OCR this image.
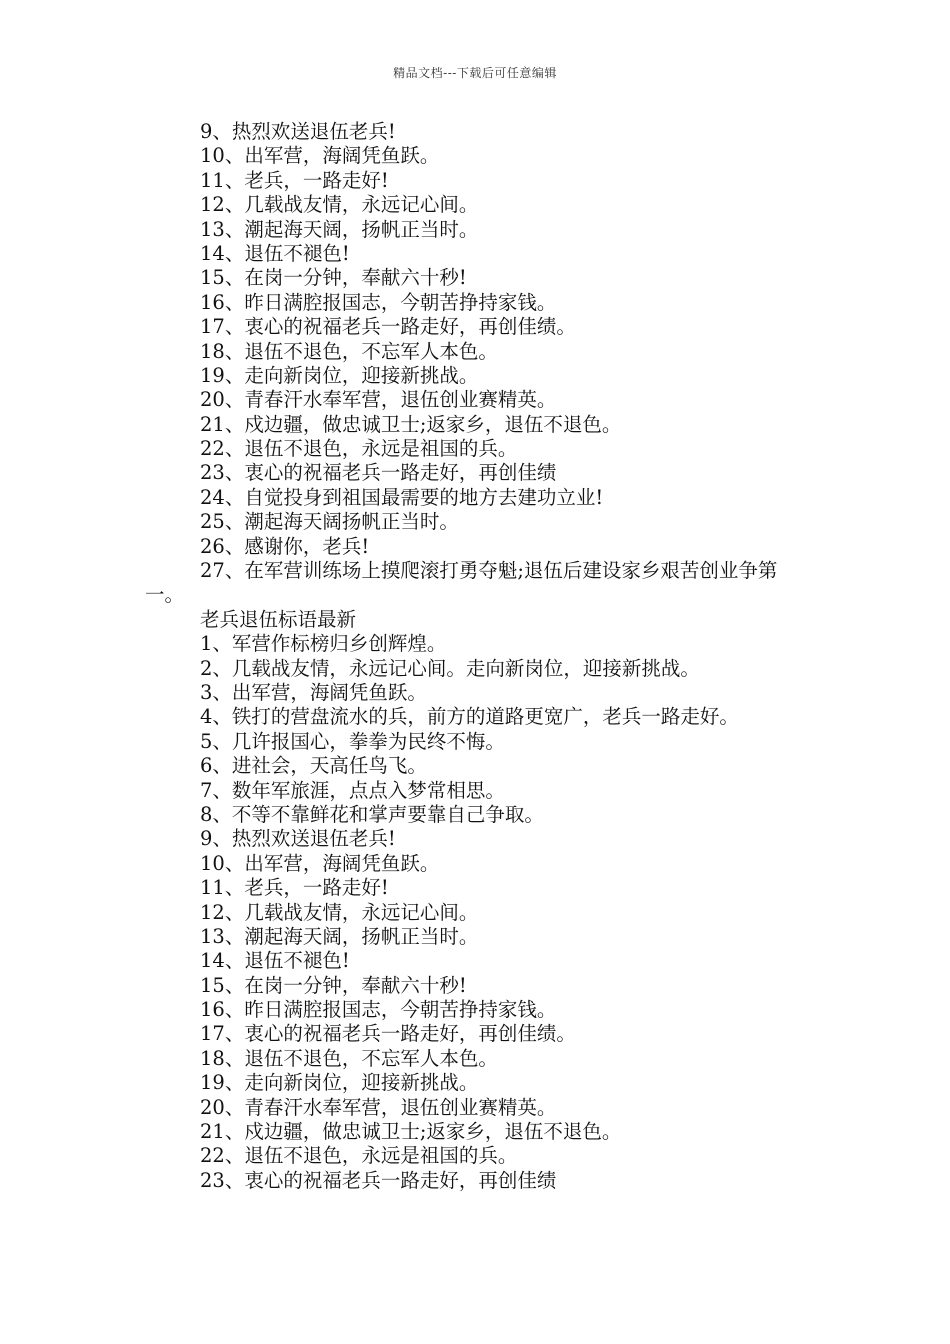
精品文档---下载后可任意编辑
9、热烈欢送退伍老兵!
10、出军营，海阔凭鱼跃。
11、老兵，一路走好!
12、几载战友情，永远记心间。
13、潮起海天阔，扬帆正当时。
14、退伍不褪色!
15、在岗一分钟，奉献六十秒!
16、昨日满腔报国志，今朝苦挣持家钱。
17、衷心的祝福老兵一路走好，再创佳绩。
18、退伍不退色，不忘军人本色。
19、走向新岗位，迎接新挑战。
20、青春汗水奉军营，退伍创业赛精英。
21、戍边疆，做忠诚卫士;返家乡，退伍不退色。
22、退伍不退色，永远是祖国的兵。
23、衷心的祝福老兵一路走好，再创佳绩
24、自觉投身到祖国最需要的地方去建功立业!
25、潮起海天阔扬帆正当时。
26、感谢你，老兵!
27、在军营训练场上摸爬滚打勇夺魁;退伍后建设家乡艰苦创业争第一。
老兵退伍标语最新
1、军营作标榜归乡创辉煌。
2、几载战友情，永远记心间。走向新岗位，迎接新挑战。
3、出军营，海阔凭鱼跃。
4、铁打的营盘流水的兵，前方的道路更宽广，老兵一路走好。
5、几许报国心，拳拳为民终不悔。
6、进社会，天高任鸟飞。
7、数年军旅涯，点点入梦常相思。
8、不等不靠鲜花和掌声要靠自己争取。
9、热烈欢送退伍老兵!
10、出军营，海阔凭鱼跃。
11、老兵，一路走好!
12、几载战友情，永远记心间。
13、潮起海天阔，扬帆正当时。
14、退伍不褪色!
15、在岗一分钟，奉献六十秒!
16、昨日满腔报国志，今朝苦挣持家钱。
17、衷心的祝福老兵一路走好，再创佳绩。
18、退伍不退色，不忘军人本色。
19、走向新岗位，迎接新挑战。
20、青春汗水奉军营，退伍创业赛精英。
21、戍边疆，做忠诚卫士;返家乡，退伍不退色。
22、退伍不退色，永远是祖国的兵。
23、衷心的祝福老兵一路走好，再创佳绩
